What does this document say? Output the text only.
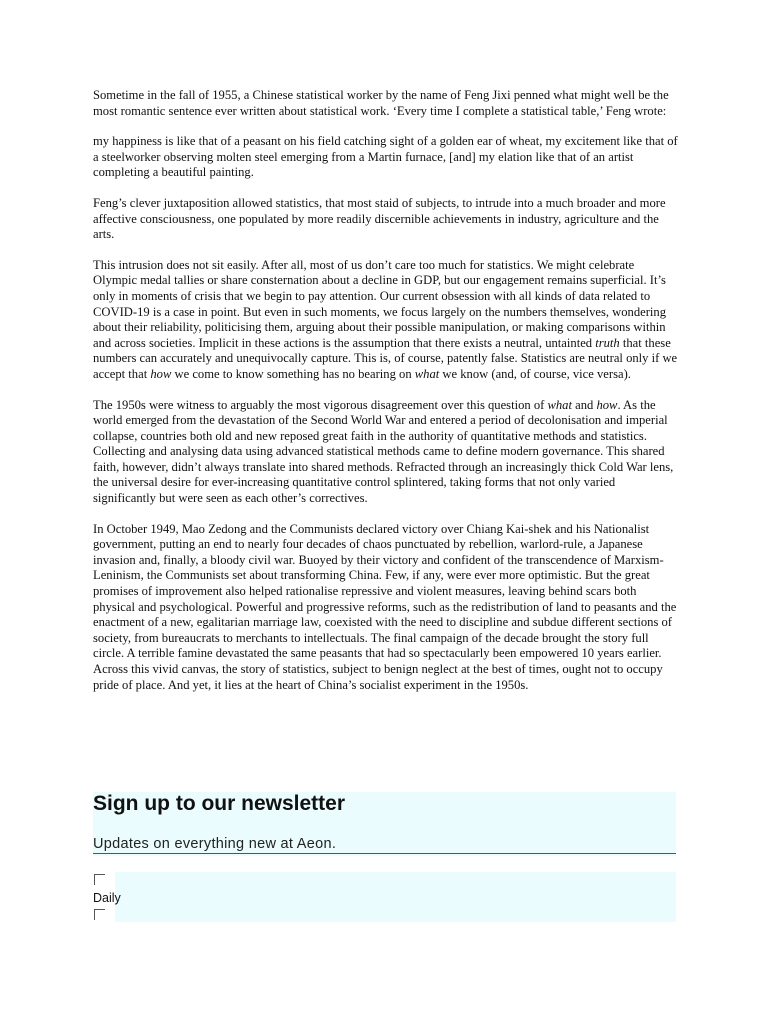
Sometime in the fall of 1955, a Chinese statistical worker by the name of Feng Jixi penned what might well be the most romantic sentence ever written about statistical work. ‘Every time I complete a statistical table,’ Feng wrote:

my happiness is like that of a peasant on his field catching sight of a golden ear of wheat, my excitement like that of a steelworker observing molten steel emerging from a Martin furnace, [and] my elation like that of an artist completing a beautiful painting.

Feng’s clever juxtaposition allowed statistics, that most staid of subjects, to intrude into a much broader and more affective consciousness, one populated by more readily discernible achievements in industry, agriculture and the arts.

This intrusion does not sit easily. After all, most of us don’t care too much for statistics. We might celebrate Olympic medal tallies or share consternation about a decline in GDP, but our engagement remains superficial. It’s only in moments of crisis that we begin to pay attention. Our current obsession with all kinds of data related to COVID-19 is a case in point. But even in such moments, we focus largely on the numbers themselves, wondering about their reliability, politicising them, arguing about their possible manipulation, or making comparisons within and across societies. Implicit in these actions is the assumption that there exists a neutral, untainted truth that these numbers can accurately and unequivocally capture. This is, of course, patently false. Statistics are neutral only if we accept that how we come to know something has no bearing on what we know (and, of course, vice versa).

The 1950s were witness to arguably the most vigorous disagreement over this question of what and how. As the world emerged from the devastation of the Second World War and entered a period of decolonisation and imperial collapse, countries both old and new reposed great faith in the authority of quantitative methods and statistics. Collecting and analysing data using advanced statistical methods came to define modern governance. This shared faith, however, didn’t always translate into shared methods. Refracted through an increasingly thick Cold War lens, the universal desire for ever-increasing quantitative control splintered, taking forms that not only varied significantly but were seen as each other’s correctives.

In October 1949, Mao Zedong and the Communists declared victory over Chiang Kai-shek and his Nationalist government, putting an end to nearly four decades of chaos punctuated by rebellion, warlord-rule, a Japanese invasion and, finally, a bloody civil war. Buoyed by their victory and confident of the transcendence of Marxism-Leninism, the Communists set about transforming China. Few, if any, were ever more optimistic. But the great promises of improvement also helped rationalise repressive and violent measures, leaving behind scars both physical and psychological. Powerful and progressive reforms, such as the redistribution of land to peasants and the enactment of a new, egalitarian marriage law, coexisted with the need to discipline and subdue different sections of society, from bureaucrats to merchants to intellectuals. The final campaign of the decade brought the story full circle. A terrible famine devastated the same peasants that had so spectacularly been empowered 10 years earlier. Across this vivid canvas, the story of statistics, subject to benign neglect at the best of times, ought not to occupy pride of place. And yet, it lies at the heart of China’s socialist experiment in the 1950s.

Sign up to our newsletter
Updates on everything new at Aeon.
Daily
